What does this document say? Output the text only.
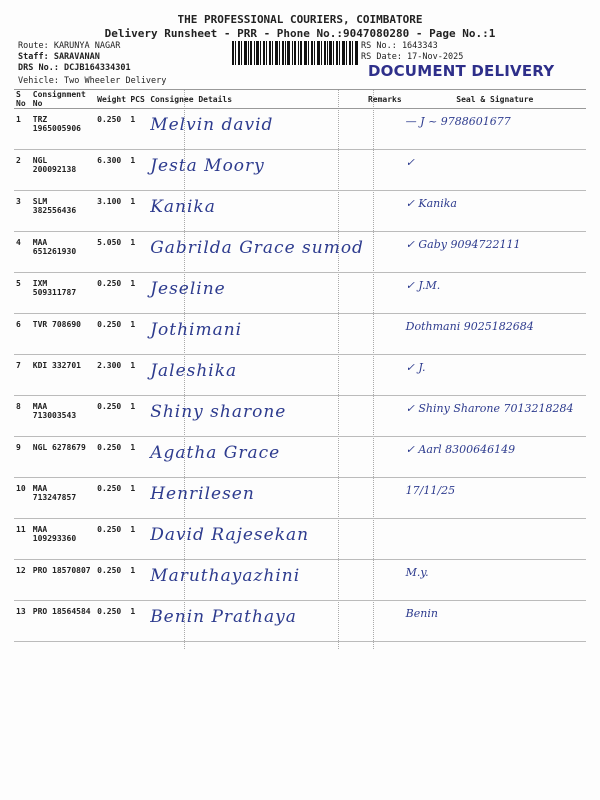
THE PROFESSIONAL COURIERS, COIMBATORE
Delivery Runsheet - PRR - Phone No.:9047080280 - Page No.:1
Route: KARUNYA NAGAR
Staff: SARAVANAN
DRS No.: DCJB164334301
RS No.: 1643343
RS Date: 17-Nov-2025
DOCUMENT DELIVERY
Vehicle: Two Wheeler Delivery
S No	Consignment No	Weight	PCS	Consignee Details	Remarks	Seal & Signature
1	TRZ 1965005906	0.250	1	Melvin david		— J ~ 9788601677
2	NGL 200092138	6.300	1	Jesta Moory		✓
3	SLM 382556436	3.100	1	Kanika		✓ Kanika
4	MAA 651261930	5.050	1	Gabrilda Grace sumod		✓ Gaby 9094722111
5	IXM 509311787	0.250	1	Jeseline		✓ J.M.
6	TVR 708690	0.250	1	Jothimani		Dothmani 9025182684
7	KDI 332701	2.300	1	Jaleshika		✓ J.
8	MAA 713003543	0.250	1	Shiny sharone		✓ Shiny Sharone 7013218284
9	NGL 6278679	0.250	1	Agatha Grace		✓ Aarl 8300646149
10	MAA 713247857	0.250	1	Henrilesen		17/11/25
11	MAA 109293360	0.250	1	David Rajesekan		
12	PRO 18570807	0.250	1	Maruthayazhini		M.y.
13	PRO 18564584	0.250	1	Benin Prathaya		Benin
